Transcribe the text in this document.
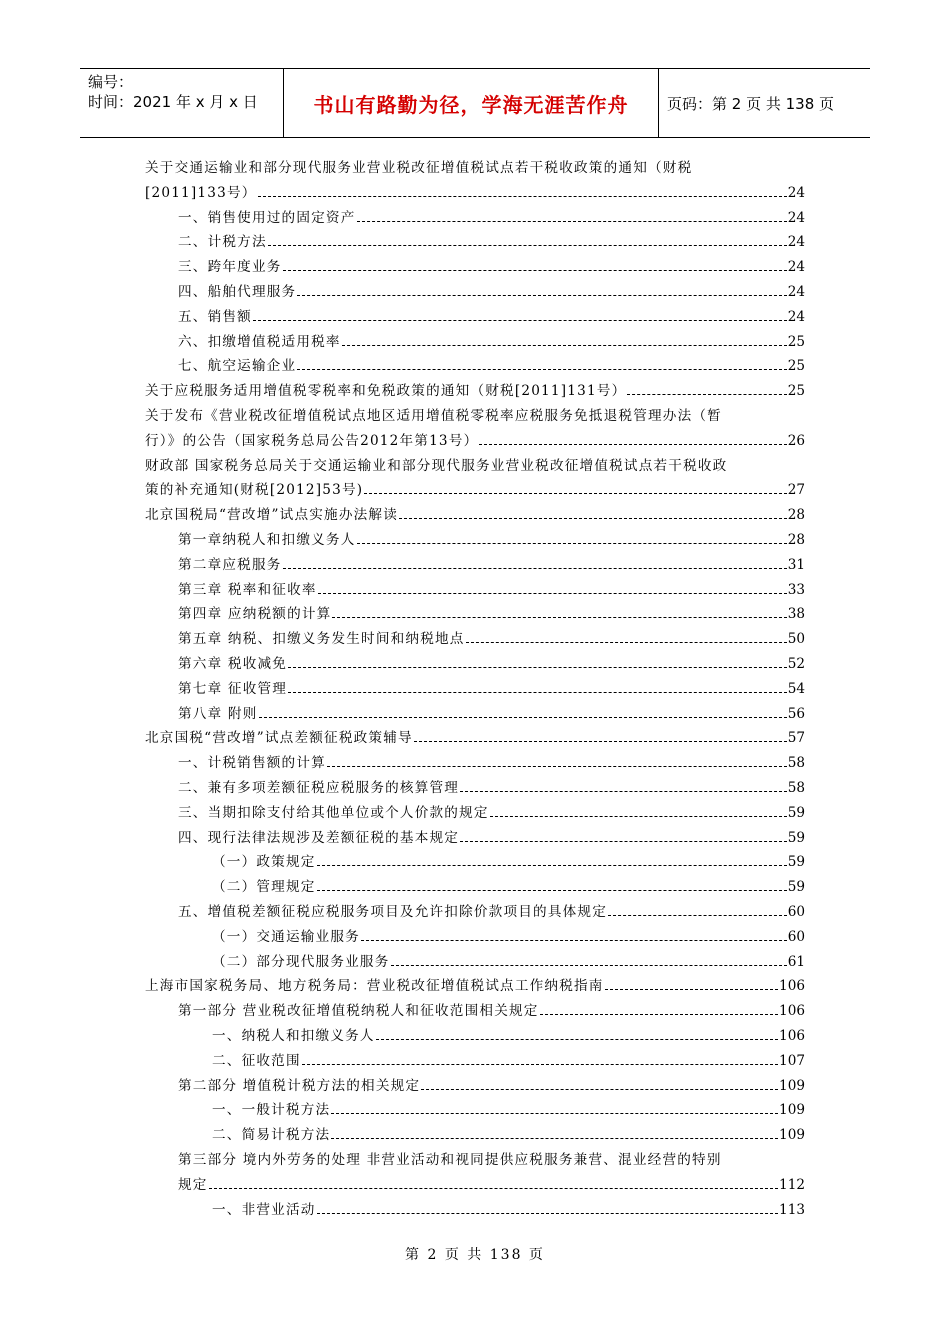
编号：
时间：2021 年 x 月 x 日	书山有路勤为径，学海无涯苦作舟	页码：第 2 页 共 138 页
关于交通运输业和部分现代服务业营业税改征增值税试点若干税收政策的通知（财税
[2011]133号）	24
一、销售使用过的固定资产	24
二、计税方法	24
三、跨年度业务	24
四、船舶代理服务	24
五、销售额	24
六、扣缴增值税适用税率	25
七、航空运输企业	25
关于应税服务适用增值税零税率和免税政策的通知（财税[2011]131号）	25
关于发布《营业税改征增值税试点地区适用增值税零税率应税服务免抵退税管理办法（暂
行）》的公告（国家税务总局公告2012年第13号）	26
财政部 国家税务总局关于交通运输业和部分现代服务业营业税改征增值税试点若干税收政
策的补充通知(财税[2012]53号)	27
北京国税局“营改增”试点实施办法解读	28
第一章纳税人和扣缴义务人	28
第二章应税服务	31
第三章 税率和征收率	33
第四章 应纳税额的计算	38
第五章 纳税、扣缴义务发生时间和纳税地点	50
第六章 税收减免	52
第七章 征收管理	54
第八章 附则	56
北京国税“营改增”试点差额征税政策辅导	57
一、计税销售额的计算	58
二、兼有多项差额征税应税服务的核算管理	58
三、当期扣除支付给其他单位或个人价款的规定	59
四、现行法律法规涉及差额征税的基本规定	59
（一）政策规定	59
（二）管理规定	59
五、增值税差额征税应税服务项目及允许扣除价款项目的具体规定	60
（一）交通运输业服务	60
（二）部分现代服务业服务	61
上海市国家税务局、地方税务局：营业税改征增值税试点工作纳税指南	106
第一部分 营业税改征增值税纳税人和征收范围相关规定	106
一、纳税人和扣缴义务人	106
二、征收范围	107
第二部分 增值税计税方法的相关规定	109
一、一般计税方法	109
二、简易计税方法	109
第三部分 境内外劳务的处理 非营业活动和视同提供应税服务兼营、混业经营的特别
规定	112
一、非营业活动	113
第 2 页 共 138 页
